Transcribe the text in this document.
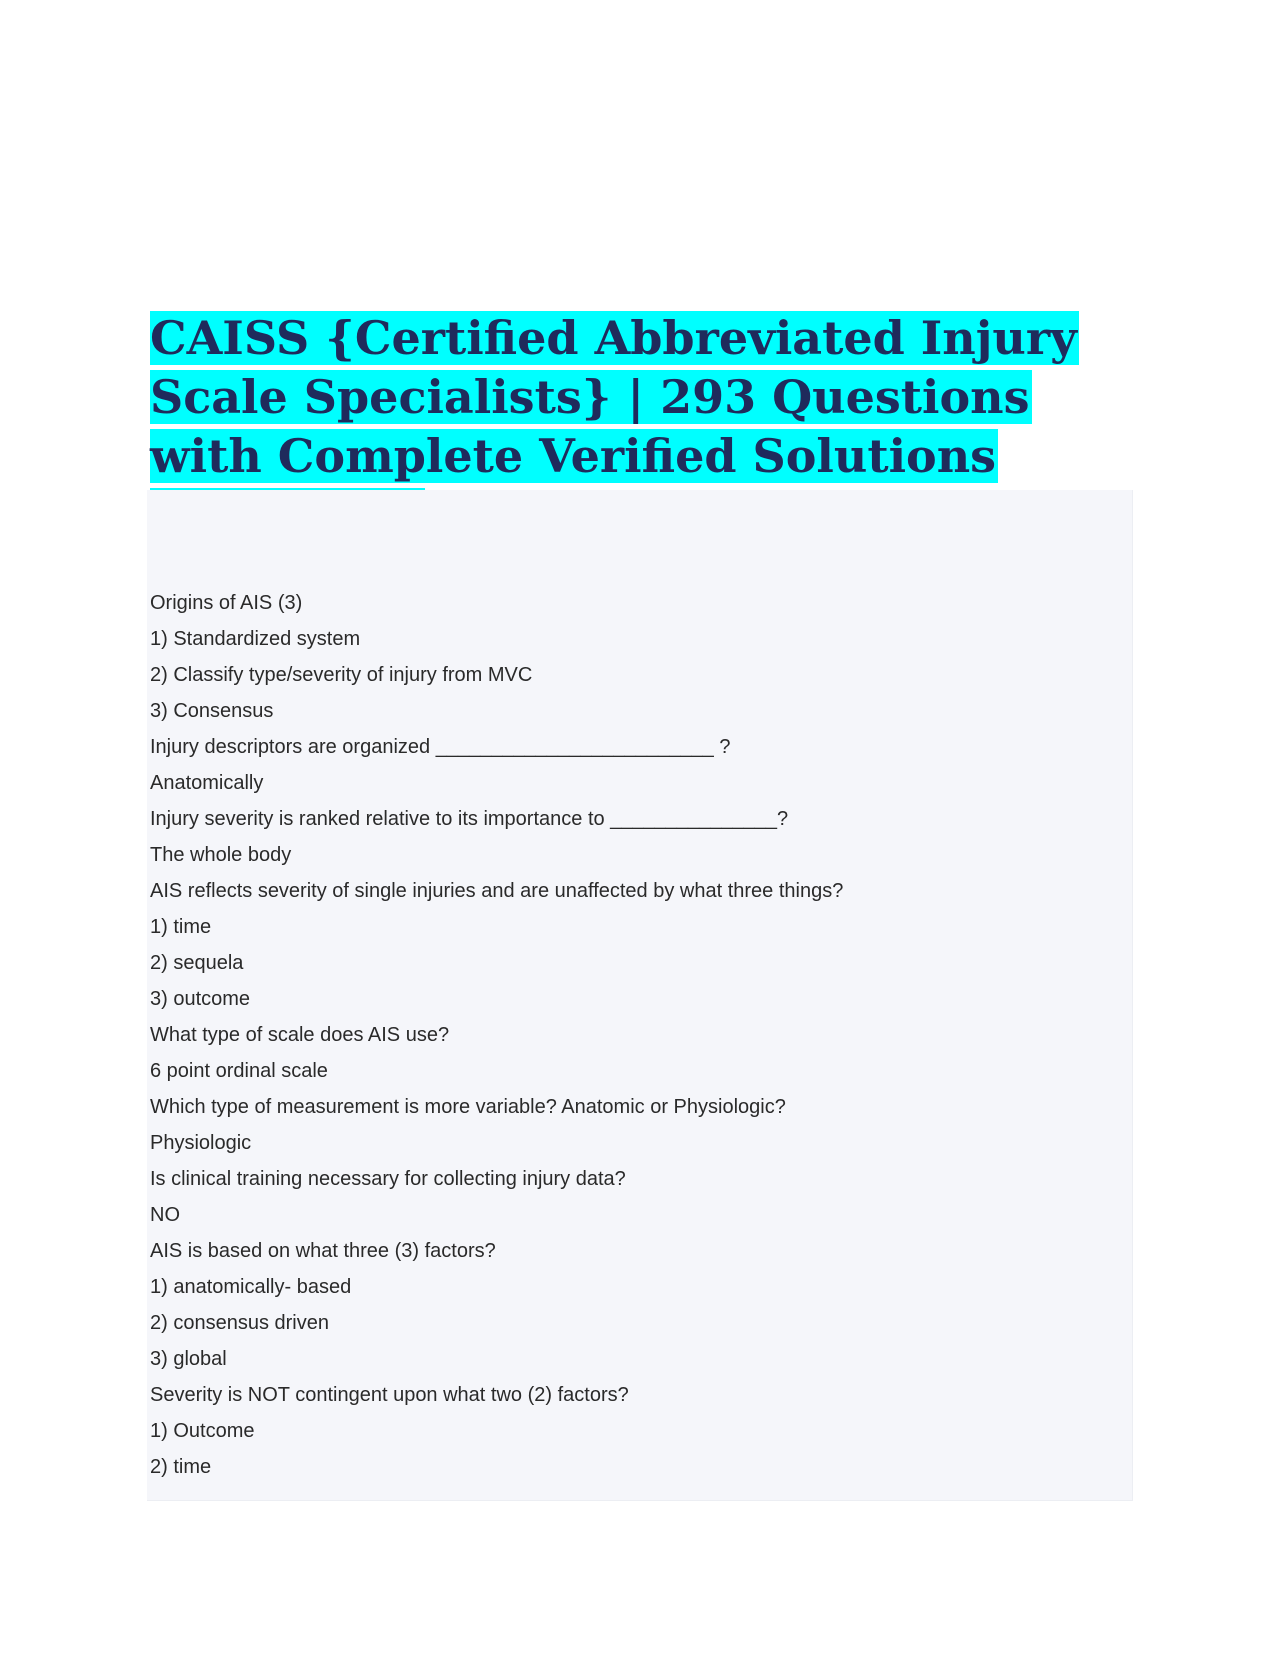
CAISS {Certified Abbreviated Injury Scale Specialists} | 293 Questions with Complete Verified Solutions
Origins of AIS (3)
1) Standardized system
2) Classify type/severity of injury from MVC
3) Consensus
Injury descriptors are organized _________________________ ?
Anatomically
Injury severity is ranked relative to its importance to _______________?
The whole body
AIS reflects severity of single injuries and are unaffected by what three things?
1) time
2) sequela
3) outcome
What type of scale does AIS use?
6 point ordinal scale
Which type of measurement is more variable? Anatomic or Physiologic?
Physiologic
Is clinical training necessary for collecting injury data?
NO
AIS is based on what three (3) factors?
1) anatomically- based
2) consensus driven
3) global
Severity is NOT contingent upon what two (2) factors?
1) Outcome
2) time
